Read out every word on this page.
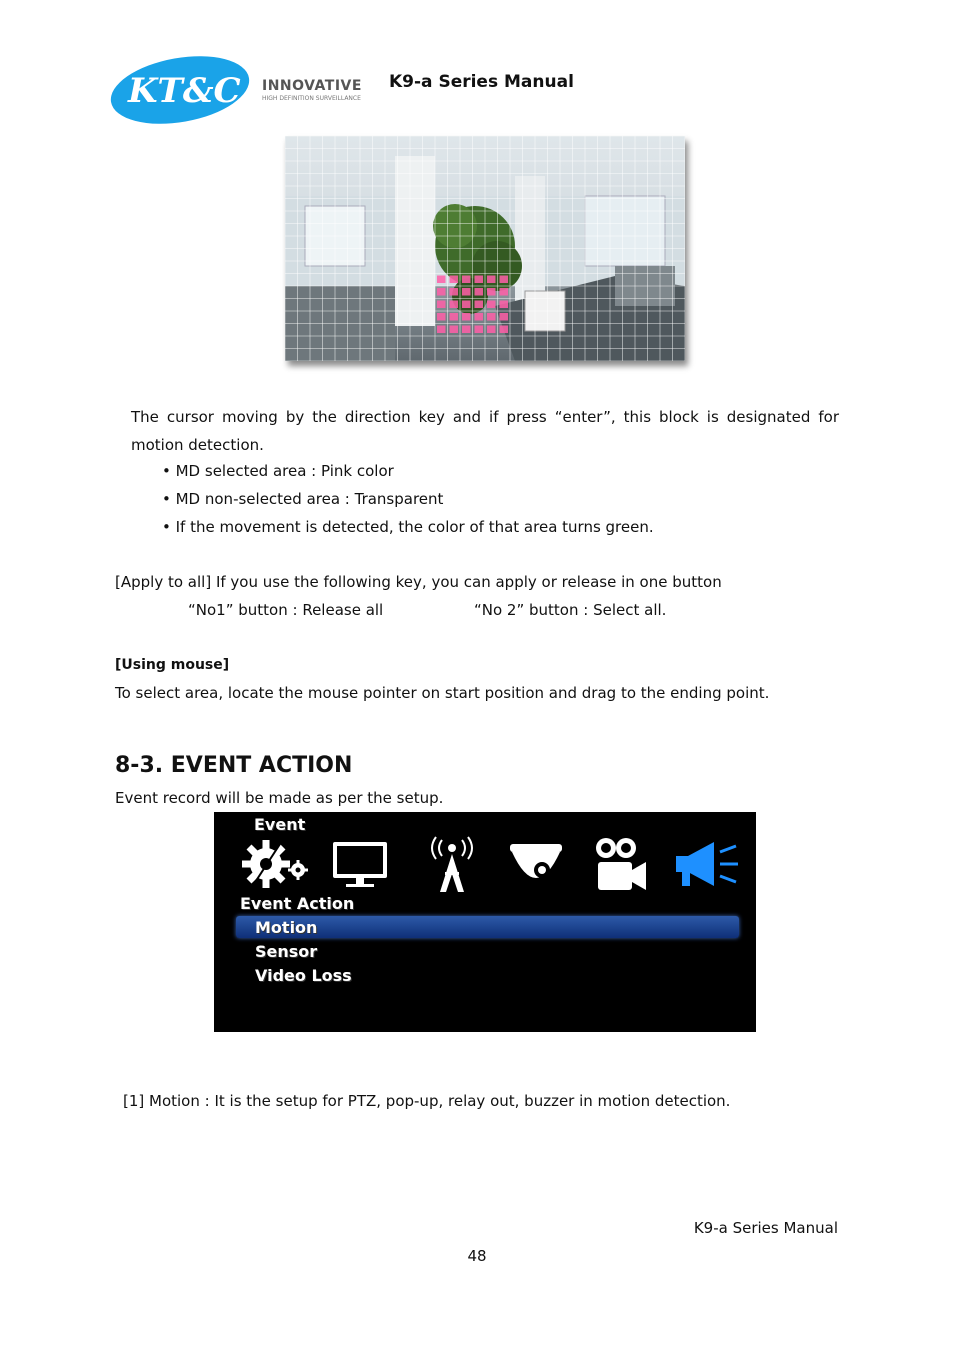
KT&C INNOVATIVE
HIGH DEFINITION SURVEILLANCE
K9-a Series Manual
The cursor moving by the direction key and if press “enter”, this block is designated for motion detection.
• MD selected area : Pink color
• MD non-selected area : Transparent
• If the movement is detected, the color of that area turns green.
[Apply to all] If you use the following key, you can apply or release in one button
“No1” button : Release all	“No 2” button : Select all.
[Using mouse]
To select area, locate the mouse pointer on start position and drag to the ending point.
8-3. EVENT ACTION
Event record will be made as per the setup.
Event
Event Action
Motion
Sensor
Video Loss
[1] Motion : It is the setup for PTZ, pop-up, relay out, buzzer in motion detection.
K9-a Series Manual
48
